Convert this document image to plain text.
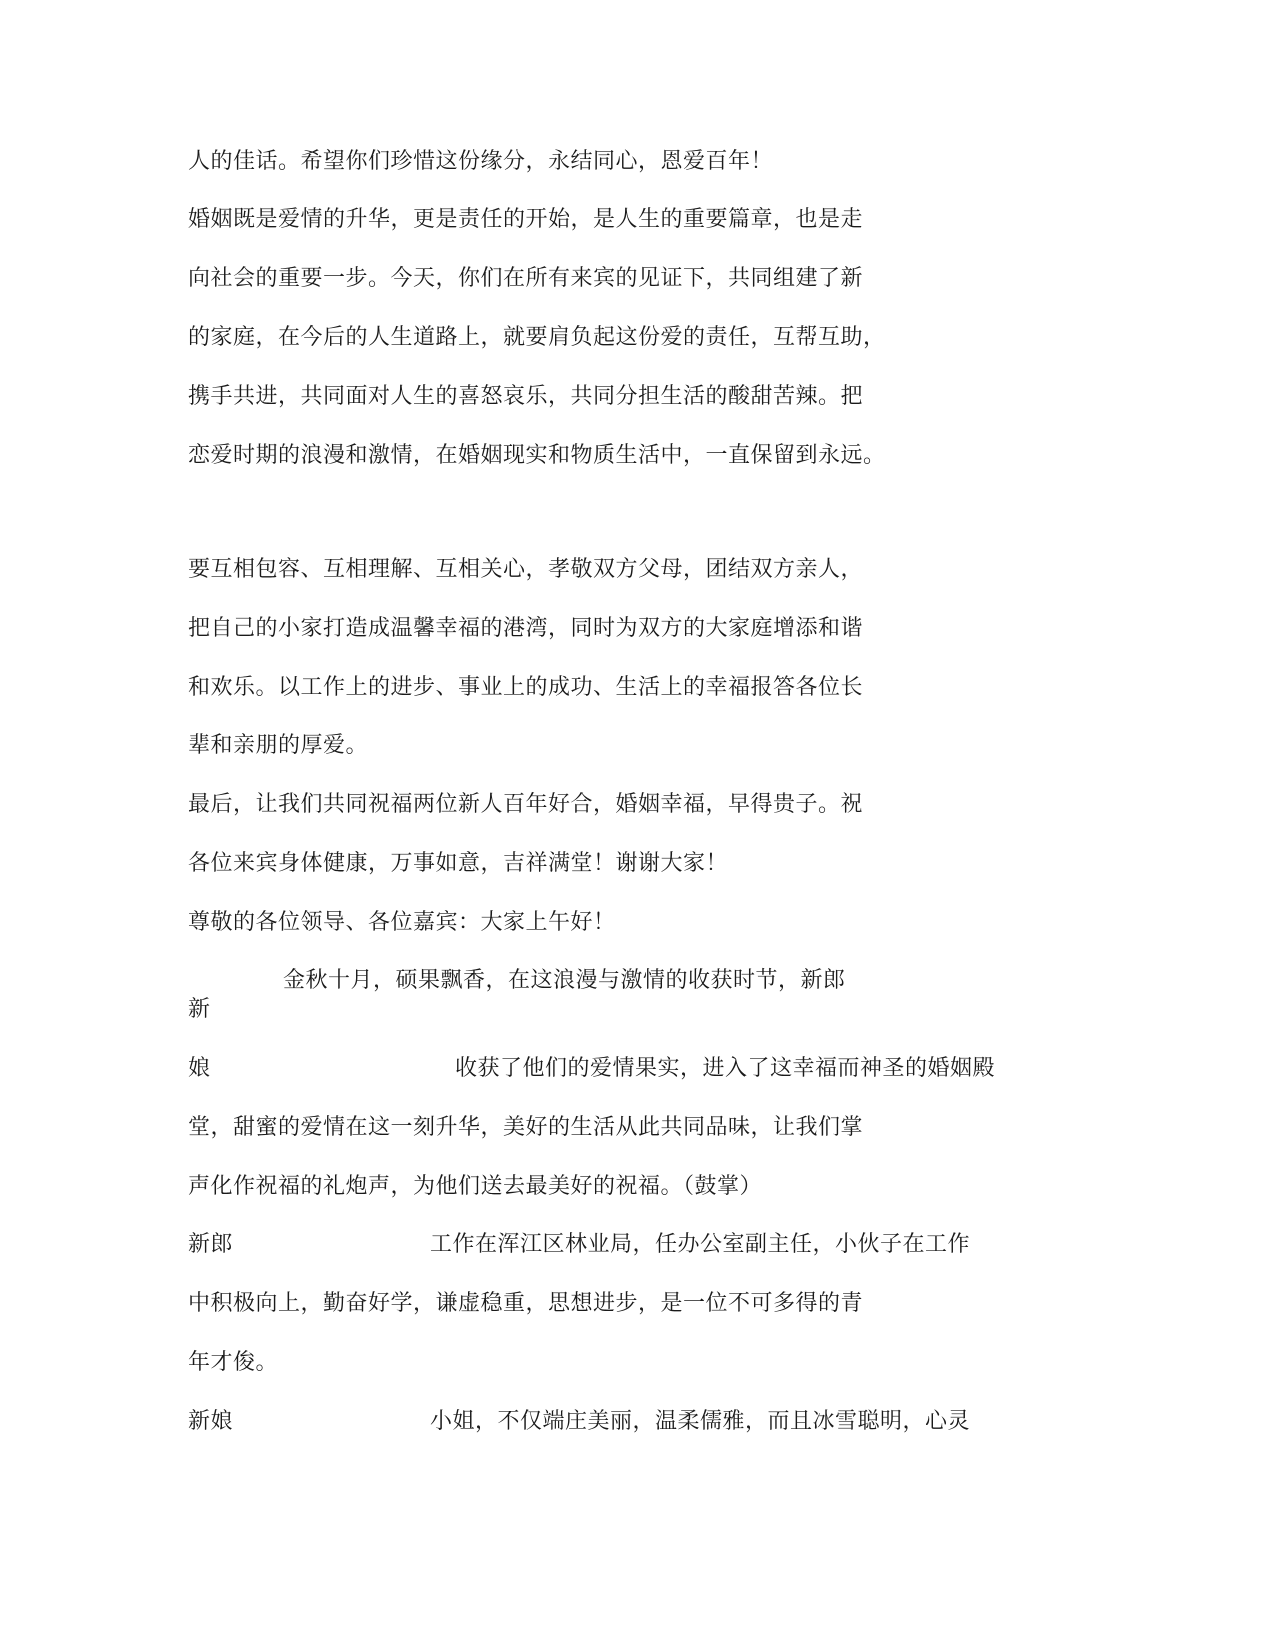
人的佳话。希望你们珍惜这份缘分，永结同心，恩爱百年！
婚姻既是爱情的升华，更是责任的开始，是人生的重要篇章，也是走
向社会的重要一步。今天，你们在所有来宾的见证下，共同组建了新
的家庭，在今后的人生道路上，就要肩负起这份爱的责任，互帮互助，
携手共进，共同面对人生的喜怒哀乐，共同分担生活的酸甜苦辣。把
恋爱时期的浪漫和激情，在婚姻现实和物质生活中，一直保留到永远。
要互相包容、互相理解、互相关心，孝敬双方父母，团结双方亲人，
把自己的小家打造成温馨幸福的港湾，同时为双方的大家庭增添和谐
和欢乐。以工作上的进步、事业上的成功、生活上的幸福报答各位长
辈和亲朋的厚爱。
最后，让我们共同祝福两位新人百年好合，婚姻幸福，早得贵子。祝
各位来宾身体健康，万事如意，吉祥满堂！谢谢大家！
尊敬的各位领导、各位嘉宾：大家上午好！
金秋十月，硕果飘香，在这浪漫与激情的收获时节，新郎
新
娘	收获了他们的爱情果实，进入了这幸福而神圣的婚姻殿
堂，甜蜜的爱情在这一刻升华，美好的生活从此共同品味，让我们掌
声化作祝福的礼炮声，为他们送去最美好的祝福。（鼓掌）
新郎	工作在浑江区林业局，任办公室副主任，小伙子在工作
中积极向上，勤奋好学，谦虚稳重，思想进步，是一位不可多得的青
年才俊。
新娘	小姐，不仅端庄美丽，温柔儒雅，而且冰雪聪明，心灵
